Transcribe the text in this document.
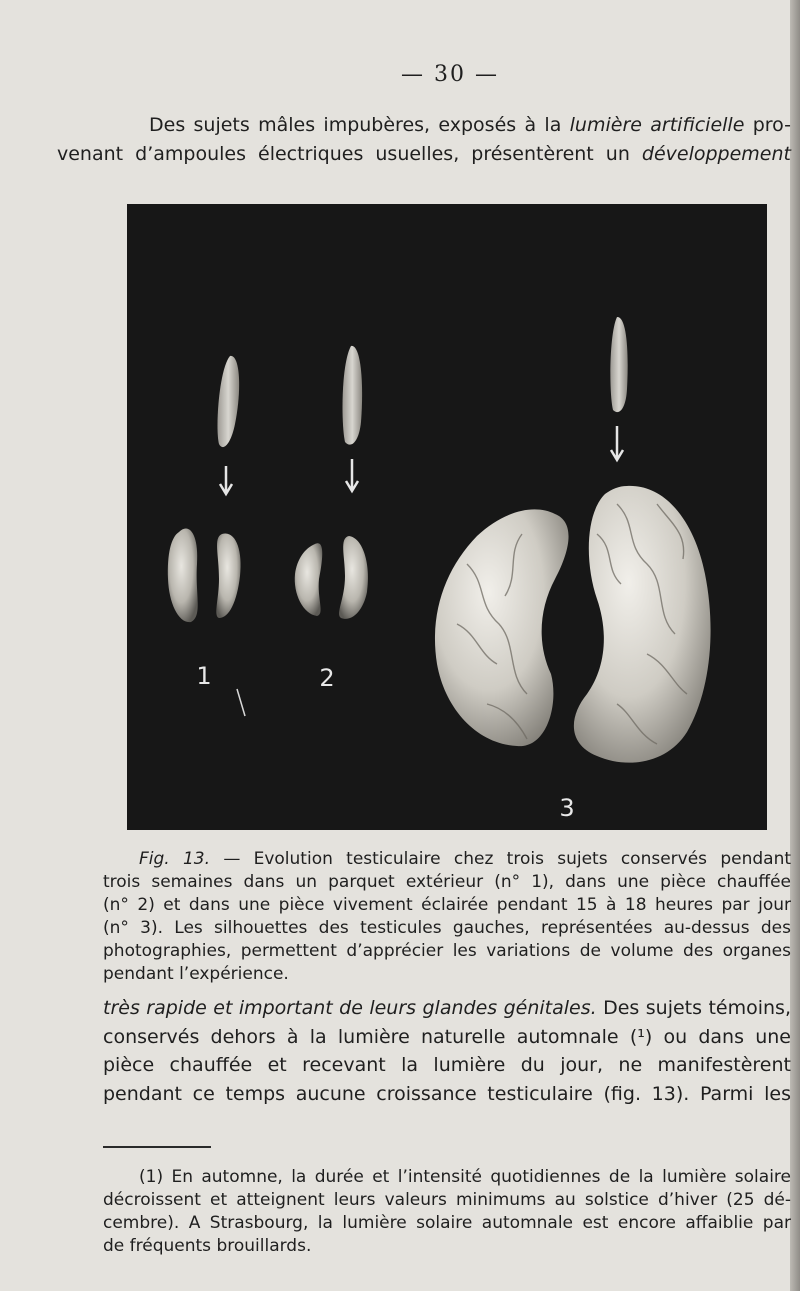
— 30 —
Des sujets mâles impubères, exposés à la lumière artificielle pro-
venant d’ampoules électriques usuelles, présentèrent un développement
1	2
3
Fig. 13. — Evolution testiculaire chez trois sujets conservés pendant
trois semaines dans un parquet extérieur (n° 1), dans une pièce chauffée
(n° 2) et dans une pièce vivement éclairée pendant 15 à 18 heures par jour
(n° 3). Les silhouettes des testicules gauches, représentées au-dessus des
photographies, permettent d’apprécier les variations de volume des organes
pendant l’expérience.
très rapide et important de leurs glandes génitales. Des sujets témoins,
conservés dehors à la lumière naturelle automnale (¹) ou dans une
pièce chauffée et recevant la lumière du jour, ne manifestèrent
pendant ce temps aucune croissance testiculaire (fig. 13). Parmi les
(1) En automne, la durée et l’intensité quotidiennes de la lumière solaire
décroissent et atteignent leurs valeurs minimums au solstice d’hiver (25 dé-
cembre). A Strasbourg, la lumière solaire automnale est encore affaiblie par
de fréquents brouillards.
